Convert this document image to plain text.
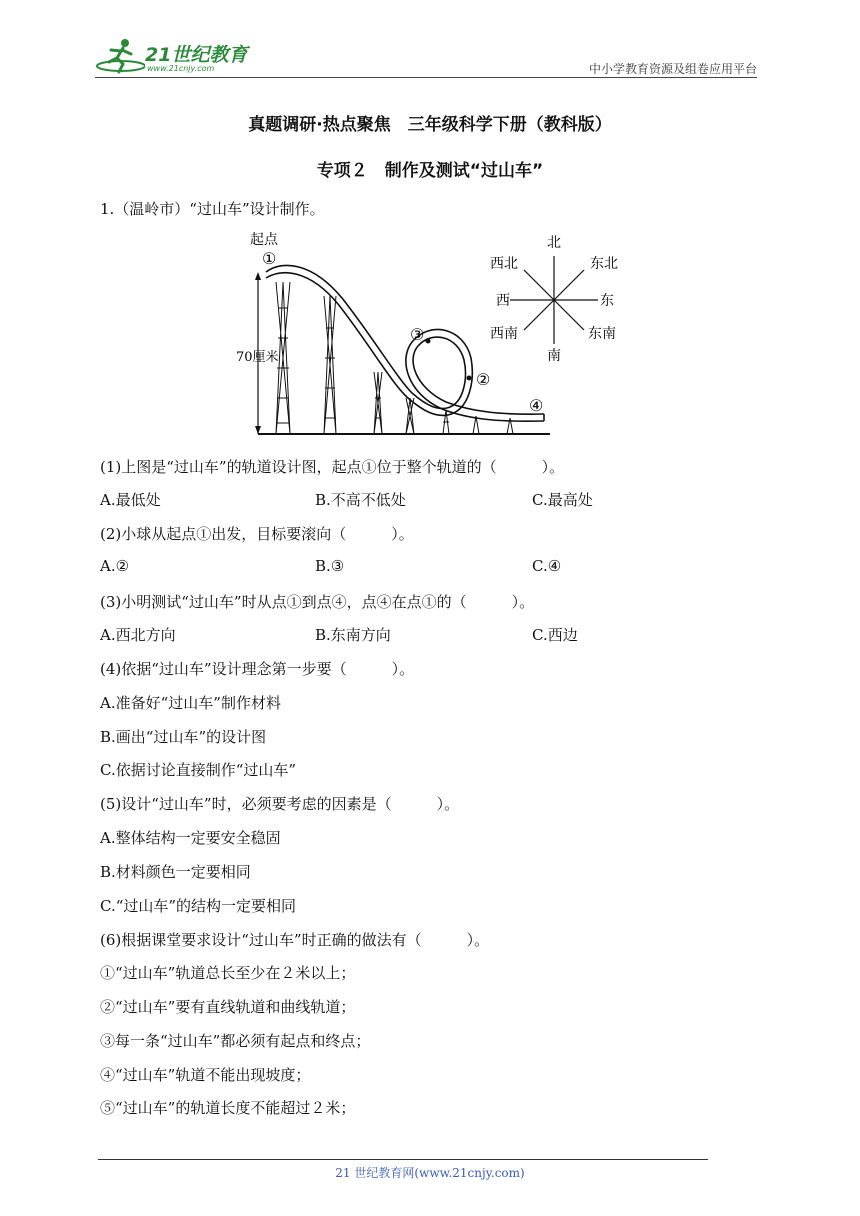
21世纪教育
www.21cnjy.com	中小学教育资源及组卷应用平台
真题调研·热点聚焦　三年级科学下册（教科版）
专项２　制作及测试“过山车”
1.（温岭市）“过山车”设计制作。
起点
①
70厘米
③
②
④
北
南
东
西
东北
西北
东南
西南
(1)上图是“过山车”的轨道设计图，起点①位于整个轨道的（　　　）。
A.最低处	B.不高不低处	C.最高处
(2)小球从起点①出发，目标要滚向（　　　）。
A.②	B.③	C.④
(3)小明测试“过山车”时从点①到点④，点④在点①的（　　　）。
A.西北方向	B.东南方向	C.西边
(4)依据“过山车”设计理念第一步要（　　　）。
A.准备好“过山车”制作材料
B.画出“过山车”的设计图
C.依据讨论直接制作“过山车”
(5)设计“过山车”时，必须要考虑的因素是（　　　）。
A.整体结构一定要安全稳固
B.材料颜色一定要相同
C.“过山车”的结构一定要相同
(6)根据课堂要求设计“过山车”时正确的做法有（　　　）。
①“过山车”轨道总长至少在２米以上；
②“过山车”要有直线轨道和曲线轨道；
③每一条“过山车”都必须有起点和终点；
④“过山车”轨道不能出现坡度；
⑤“过山车”的轨道长度不能超过２米；
21 世纪教育网(www.21cnjy.com)
